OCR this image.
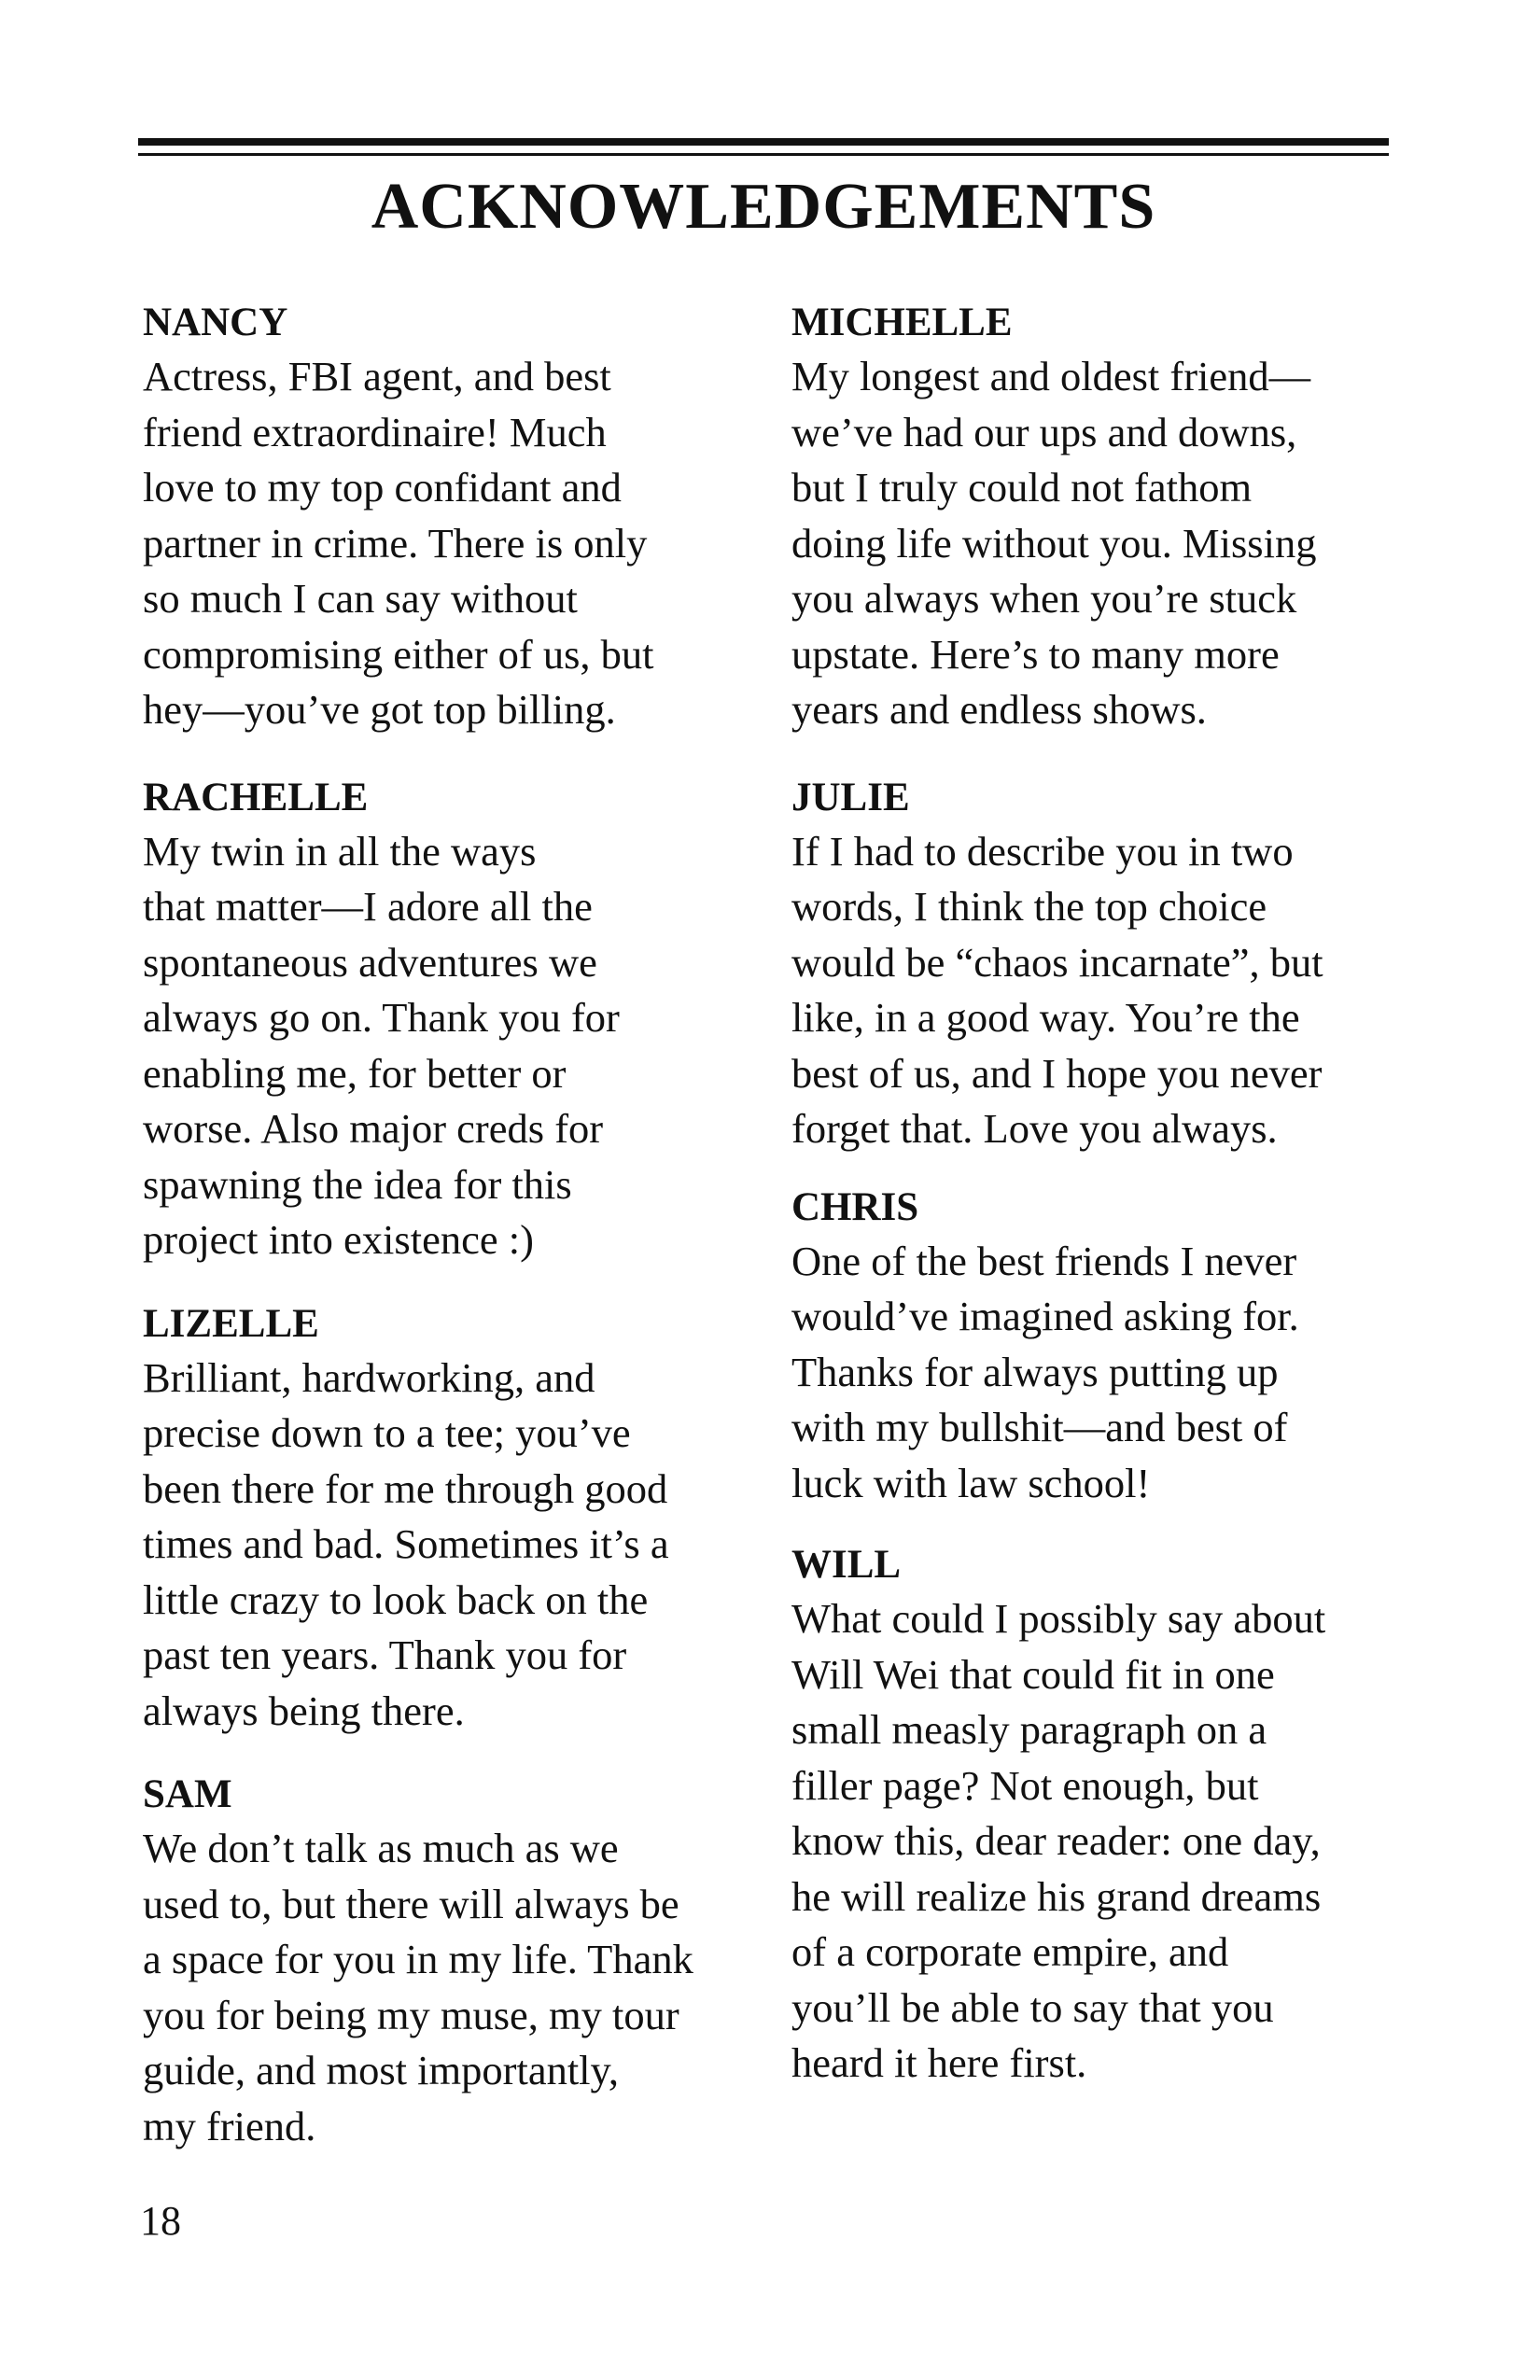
ACKNOWLEDGEMENTS
NANCY
Actress, FBI agent, and best
friend extraordinaire! Much
love to my top confidant and
partner in crime. There is only
so much I can say without
compromising either of us, but
hey—you’ve got top billing.
RACHELLE
My twin in all the ways
that matter—I adore all the
spontaneous adventures we
always go on. Thank you for
enabling me, for better or
worse. Also major creds for
spawning the idea for this
project into existence :)
LIZELLE
Brilliant, hardworking, and
precise down to a tee; you’ve
been there for me through good
times and bad. Sometimes it’s a
little crazy to look back on the
past ten years. Thank you for
always being there.
SAM
We don’t talk as much as we
used to, but there will always be
a space for you in my life. Thank
you for being my muse, my tour
guide, and most importantly,
my friend.
MICHELLE
My longest and oldest friend—
we’ve had our ups and downs,
but I truly could not fathom
doing life without you. Missing
you always when you’re stuck
upstate. Here’s to many more
years and endless shows.
JULIE
If I had to describe you in two
words, I think the top choice
would be “chaos incarnate”, but
like, in a good way. You’re the
best of us, and I hope you never
forget that. Love you always.
CHRIS
One of the best friends I never
would’ve imagined asking for.
Thanks for always putting up
with my bullshit—and best of
luck with law school!
WILL
What could I possibly say about
Will Wei that could fit in one
small measly paragraph on a
filler page? Not enough, but
know this, dear reader: one day,
he will realize his grand dreams
of a corporate empire, and
you’ll be able to say that you
heard it here first.
18
